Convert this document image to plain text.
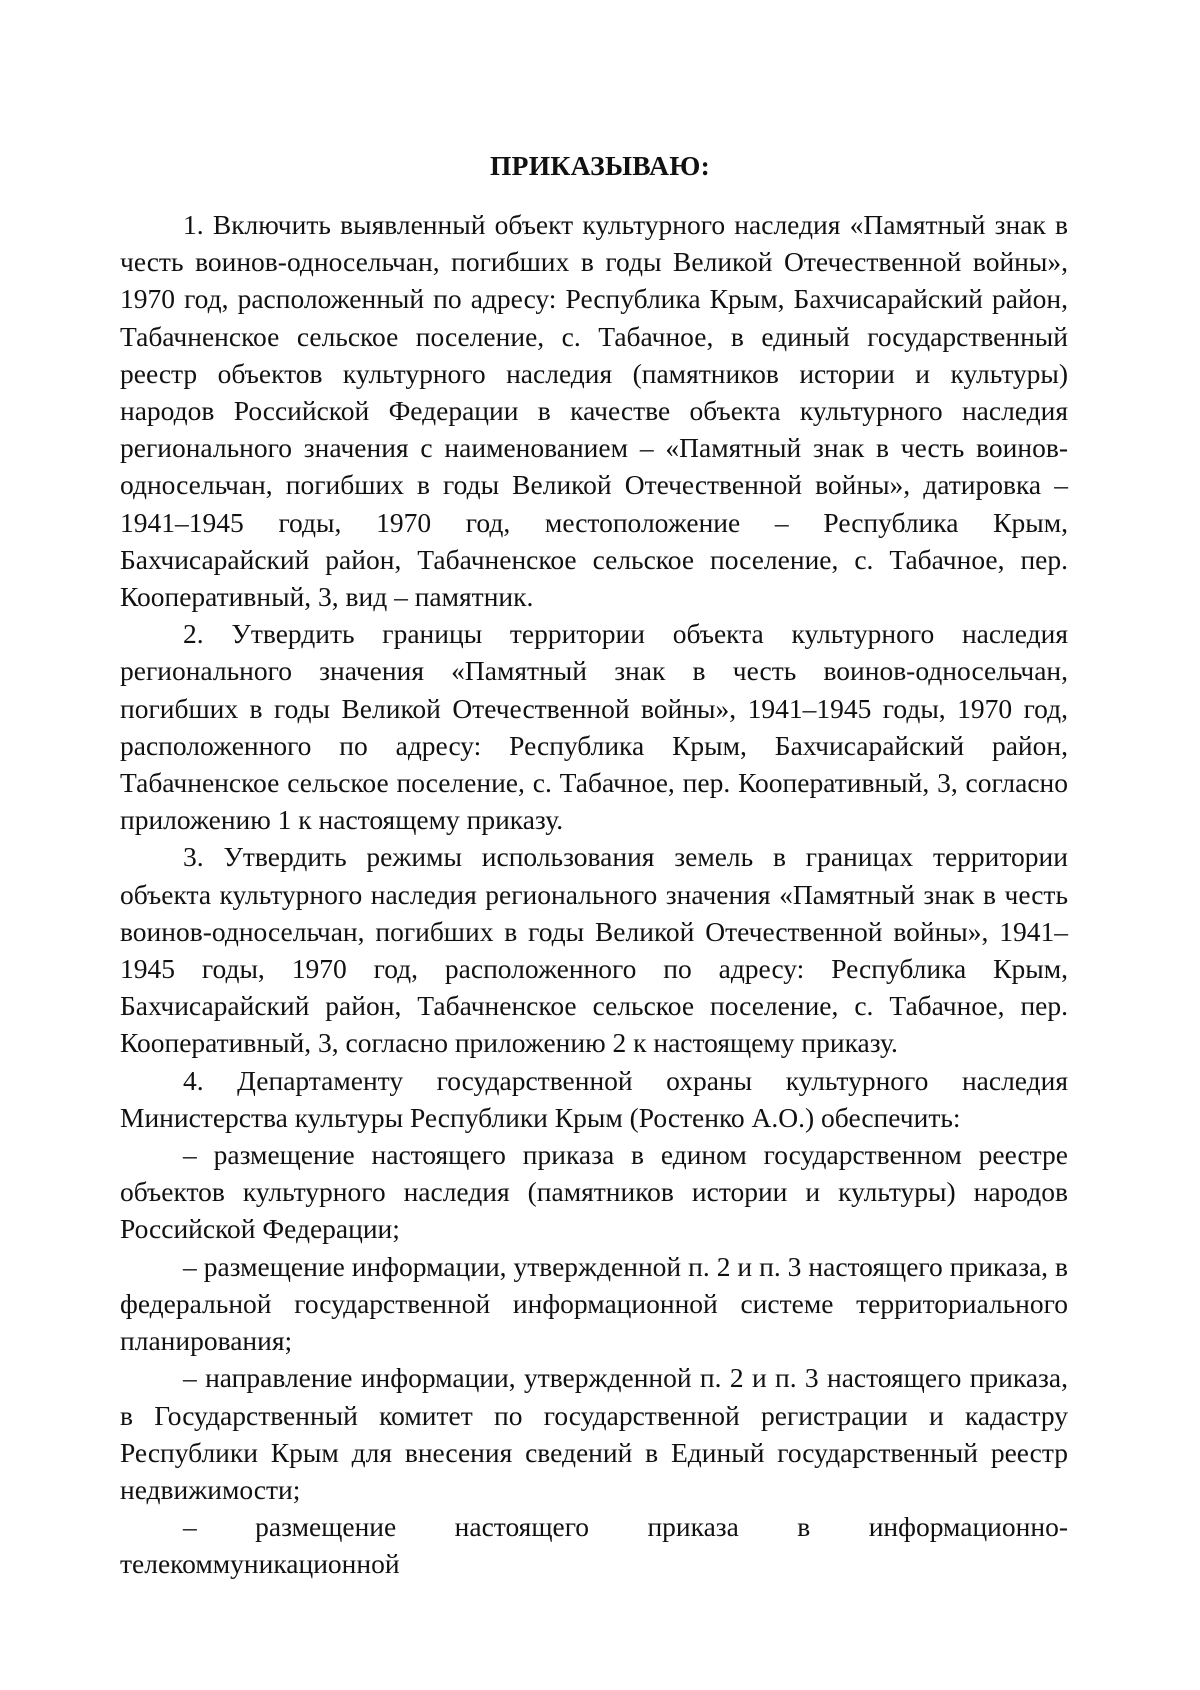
ПРИКАЗЫВАЮ:

1. Включить выявленный объект культурного наследия «Памятный знак в честь воинов-односельчан, погибших в годы Великой Отечественной войны», 1970 год, расположенный по адресу: Республика Крым, Бахчисарайский район, Табачненское сельское поселение, с. Табачное, в единый государственный реестр объектов культурного наследия (памятников истории и культуры) народов Российской Федерации в качестве объекта культурного наследия регионального значения с наименованием – «Памятный знак в честь воинов-односельчан, погибших в годы Великой Отечественной войны», датировка – 1941–1945 годы, 1970 год, местоположение – Республика Крым, Бахчисарайский район, Табачненское сельское поселение, с. Табачное, пер. Кооперативный, 3, вид – памятник.

2. Утвердить границы территории объекта культурного наследия регионального значения «Памятный знак в честь воинов-односельчан, погибших в годы Великой Отечественной войны», 1941–1945 годы, 1970 год, расположенного по адресу: Республика Крым, Бахчисарайский район, Табачненское сельское поселение, с. Табачное, пер. Кооперативный, 3, согласно приложению 1 к настоящему приказу.

3. Утвердить режимы использования земель в границах территории объекта культурного наследия регионального значения «Памятный знак в честь воинов-односельчан, погибших в годы Великой Отечественной войны», 1941–1945 годы, 1970 год, расположенного по адресу: Республика Крым, Бахчисарайский район, Табачненское сельское поселение, с. Табачное, пер. Кооперативный, 3, согласно приложению 2 к настоящему приказу.

4. Департаменту государственной охраны культурного наследия Министерства культуры Республики Крым (Ростенко А.О.) обеспечить:

– размещение настоящего приказа в едином государственном реестре объектов культурного наследия (памятников истории и культуры) народов Российской Федерации;

– размещение информации, утвержденной п. 2 и п. 3 настоящего приказа, в федеральной государственной информационной системе территориального планирования;

– направление информации, утвержденной п. 2 и п. 3 настоящего приказа, в Государственный комитет по государственной регистрации и кадастру Республики Крым для внесения сведений в Единый государственный реестр недвижимости;

– размещение настоящего приказа в информационно-телекоммуникационной
